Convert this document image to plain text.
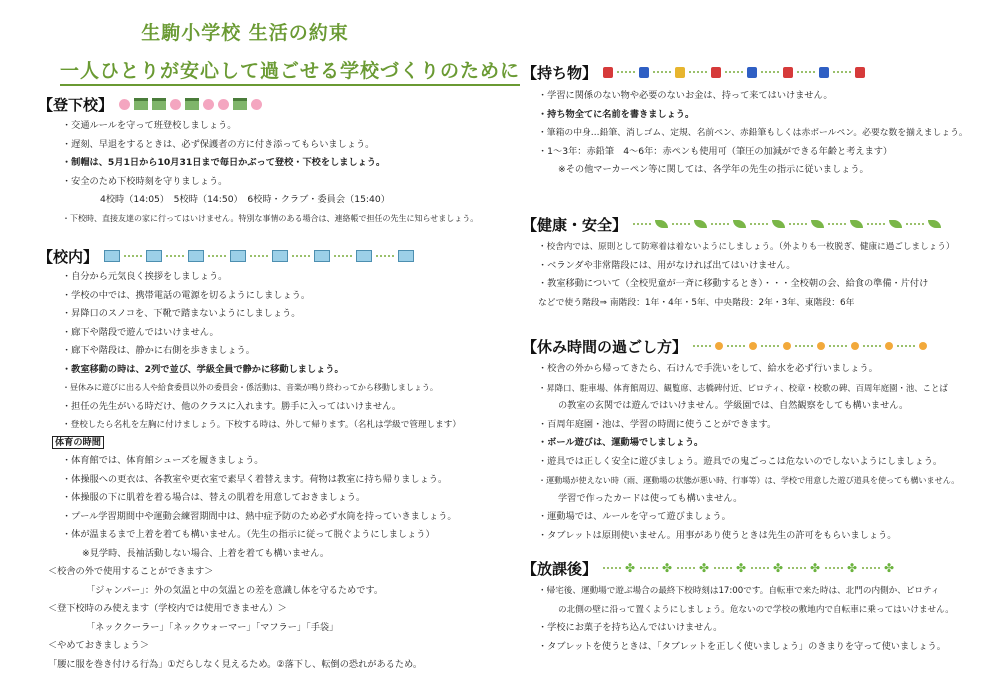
生駒小学校 生活の約束
一人ひとりが安心して過ごせる学校づくりのために
【登下校】
・交通ルールを守って班登校しましょう。
・遅刻、早退をするときは、必ず保護者の方に付き添ってもらいましょう。
・制帽は、5月1日から10月31日まで毎日かぶって登校・下校をしましょう。
・安全のため下校時刻を守りましょう。
4校時（14:05）　5校時（14:50）　6校時・クラブ・委員会（15:40）
・下校時、直接友達の家に行ってはいけません。特別な事情のある場合は、連絡帳で担任の先生に知らせましょう。
【校内】
・自分から元気良く挨拶をしましょう。
・学校の中では、携帯電話の電源を切るようにしましょう。
・昇降口のスノコを、下靴で踏まないようにしましょう。
・廊下や階段で遊んではいけません。
・廊下や階段は、静かに右側を歩きましょう。
・教室移動の時は、2列で並び、学級全員で静かに移動しましょう。
・昼休みに遊びに出る人や給食委員以外の委員会・係活動は、音楽が鳴り終わってから移動しましょう。
・担任の先生がいる時だけ、他のクラスに入れます。勝手に入ってはいけません。
・登校したら名札を左胸に付けましょう。下校する時は、外して帰ります。（名札は学級で管理します）
体育の時間
・体育館では、体育館シューズを履きましょう。
・体操服への更衣は、各教室や更衣室で素早く着替えます。荷物は教室に持ち帰りましょう。
・体操服の下に肌着を着る場合は、替えの肌着を用意しておきましょう。
・プール学習期間中や運動会練習期間中は、熱中症予防のため必ず水筒を持っていきましょう。
・体が温まるまで上着を着ても構いません。（先生の指示に従って脱ぐようにしましょう）
※見学時、長袖活動しない場合、上着を着ても構いません。
＜校舎の外で使用することができます＞
「ジャンパー」：外の気温と中の気温との差を意識し体を守るためです。
＜登下校時のみ使えます（学校内では使用できません）＞
「ネッククーラー」「ネックウォーマー」「マフラー」「手袋」
＜やめておきましょう＞
「腰に服を巻き付ける行為」①だらしなく見えるため。②落下し、転倒の恐れがあるため。
【持ち物】
・学習に関係のない物や必要のないお金は、持って来てはいけません。
・持ち物全てに名前を書きましょう。
・筆箱の中身…鉛筆、消しゴム、定規、名前ペン、赤鉛筆もしくは赤ボールペン。必要な数を揃えましょう。
・1～3年：赤鉛筆　4～6年：赤ペンも使用可（筆圧の加減ができる年齢と考えます）
※その他マーカーペン等に関しては、各学年の先生の指示に従いましょう。
【健康・安全】
・校舎内では、原則として防寒着は着ないようにしましょう。（外よりも一枚脱ぎ、健康に過ごしましょう）
・ベランダや非常階段には、用がなければ出てはいけません。
・教室移動について（全校児童が一斉に移動するとき）・・・全校朝の会、給食の準備・片付け
などで使う階段⇒ 南階段：1年・4年・5年、中央階段：2年・3年、東階段：6年
【休み時間の過ごし方】
・校舎の外から帰ってきたら、石けんで手洗いをして、給水を必ず行いましょう。
・昇降口、駐車場、体育館周辺、観覧席、志橋碑付近、ピロティ、校章・校歌の碑、百周年庭園・池、ことば
の教室の玄関では遊んではいけません。学級園では、自然観察をしても構いません。
・百周年庭園・池は、学習の時間に使うことができます。
・ボール遊びは、運動場でしましょう。
・遊具では正しく安全に遊びましょう。遊具での鬼ごっこは危ないのでしないようにしましょう。
・運動場が使えない時（雨、運動場の状態が悪い時、行事等）は、学校で用意した遊び道具を使っても構いません。
学習で作ったカードは使っても構いません。
・運動場では、ルールを守って遊びましょう。
・タブレットは原則使いません。用事があり使うときは先生の許可をもらいましょう。
【放課後】 ✤ ✤ ✤ ✤ ✤ ✤ ✤ ✤
・帰宅後、運動場で遊ぶ場合の最終下校時刻は17:00です。自転車で来た時は、北門の内側か、ピロティ
の北側の壁に沿って置くようにしましょう。危ないので学校の敷地内で自転車に乗ってはいけません。
・学校にお菓子を持ち込んではいけません。
・タブレットを使うときは、「タブレットを正しく使いましょう」のきまりを守って使いましょう。
